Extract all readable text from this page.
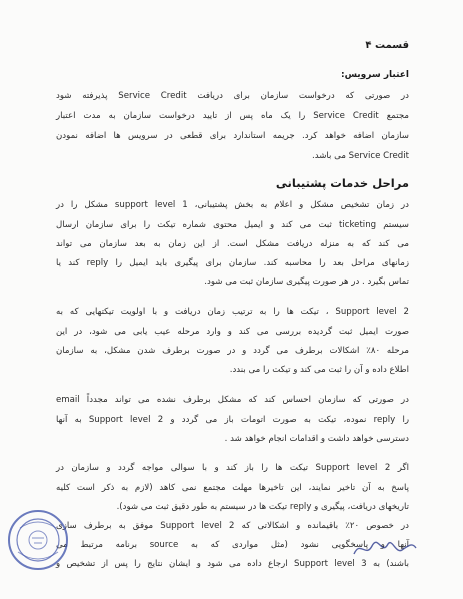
قسمت ۴
اعتبار سرویس:
در صورتی که درخواست سازمان برای دریافت Service Credit پذیرفته شود
مجتمع Service Credit را یک ماه پس از تایید درخواست سازمان به مدت اعتبار
سازمان اضافه خواهد کرد. جریمه استاندارد برای قطعی در سرویس ها اضافه نمودن
Service Credit می باشد.
مراحل خدمات پشتیبانی
در زمان تشخیص مشکل و اعلام به بخش پشتیبانی، 1 support level مشکل را در
سیستم ticketing ثبت می کند و ایمیل محتوی شماره تیکت را برای سازمان ارسال
می کند که به منزله دریافت مشکل است. از این زمان به بعد سازمان می تواند
زمانهای مراحل بعد را محاسبه کند. سازمان برای پیگیری باید ایمیل را reply کند یا
تماس بگیرد . در هر صورت پیگیری سازمان ثبت می شود.
2 Support level ، تیکت ها را به ترتیب زمان دریافت و با اولویت تیکتهایی که به
صورت ایمیل ثبت گردیده بررسی می کند و وارد مرحله عیب یابی می شود، در این
مرحله ۸۰٪ اشکالات برطرف می گردد و در صورت برطرف شدن مشکل، به سازمان
اطلاع داده و آن را ثبت می کند و تیکت را می بندد.
در صورتی که سازمان احساس کند که مشکل برطرف نشده می تواند مجدداً email
را reply نموده، تیکت به صورت اتومات باز می گردد و 2 Support level به آنها
دسترسی خواهد داشت و اقدامات انجام خواهد شد .
اگر 2 Support level تیکت ها را باز کند و با سوالی مواجه گردد و سازمان در
پاسخ به آن تاخیر نمایند، این تاخیرها مهلت مجتمع نمی کاهد (لازم به ذکر است کلیه
تاریخهای دریافت، پیگیری و reply تیکت ها در سیستم به طور دقیق ثبت می شود).
در خصوص ۲۰٪ باقیمانده و اشکالاتی که 2 Support level موفق به برطرف سازی
آنها و پاسخگویی نشود (مثل مواردی که به source برنامه مرتبط می
باشند) به 3 Support level ارجاع داده می شود و ایشان نتایج را پس از تشخیص و
